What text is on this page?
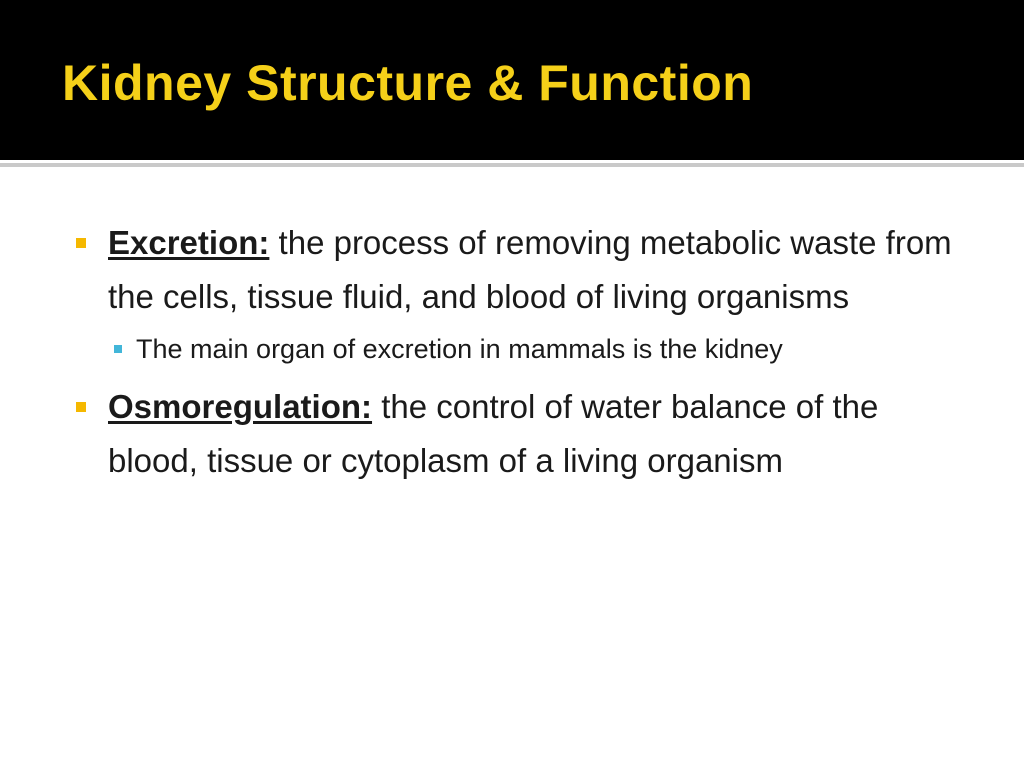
Kidney Structure & Function

Excretion: the process of removing metabolic waste from the cells, tissue fluid, and blood of living organisms

The main organ of excretion in mammals is the kidney

Osmoregulation: the control of water balance of the blood, tissue or cytoplasm of a living organism
